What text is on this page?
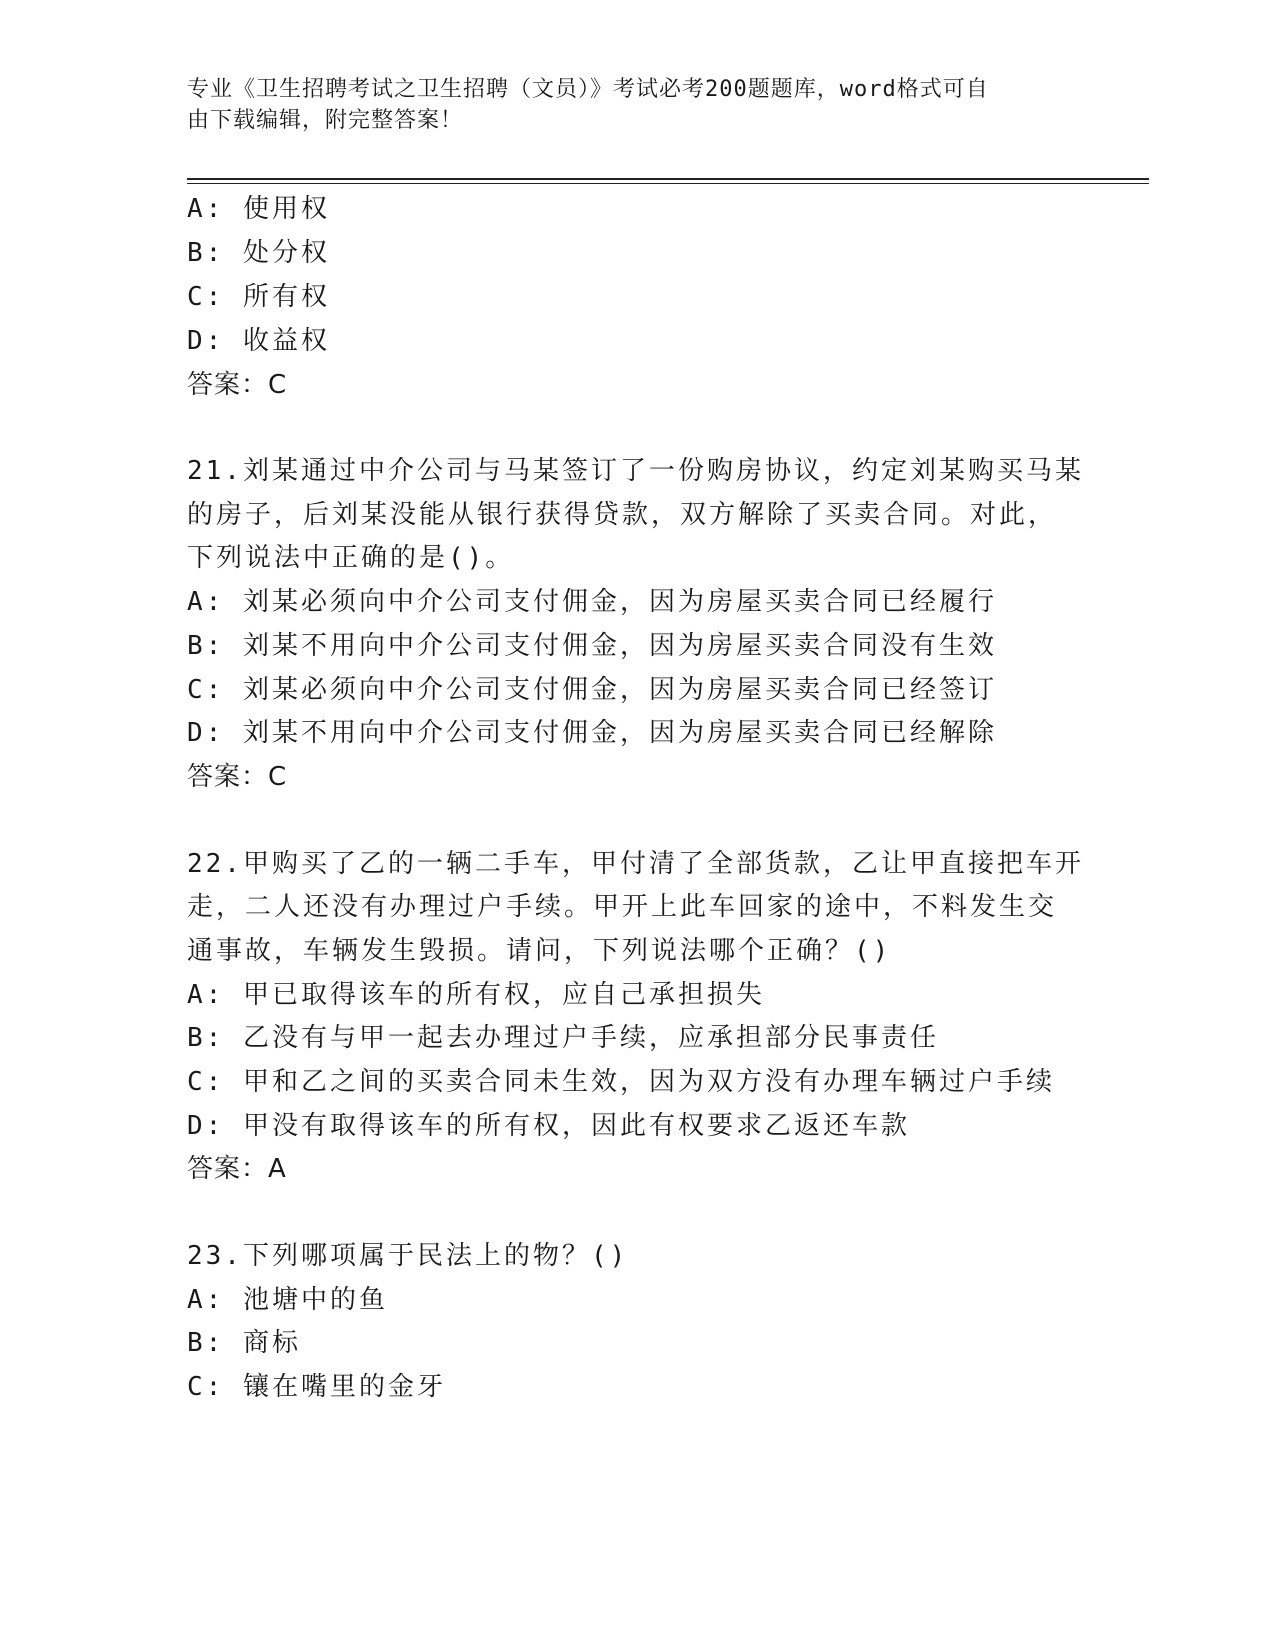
专业《卫生招聘考试之卫生招聘（文员）》考试必考200题题库，word格式可自
由下载编辑，附完整答案！
A: 使用权
B: 处分权
C: 所有权
D: 收益权
答案：C
21.刘某通过中介公司与马某签订了一份购房协议，约定刘某购买马某
的房子，后刘某没能从银行获得贷款，双方解除了买卖合同。对此，
下列说法中正确的是()。
A: 刘某必须向中介公司支付佣金，因为房屋买卖合同已经履行
B: 刘某不用向中介公司支付佣金，因为房屋买卖合同没有生效
C: 刘某必须向中介公司支付佣金，因为房屋买卖合同已经签订
D: 刘某不用向中介公司支付佣金，因为房屋买卖合同已经解除
答案：C
22.甲购买了乙的一辆二手车，甲付清了全部货款，乙让甲直接把车开
走，二人还没有办理过户手续。甲开上此车回家的途中，不料发生交
通事故，车辆发生毁损。请问，下列说法哪个正确？()
A: 甲已取得该车的所有权，应自己承担损失
B: 乙没有与甲一起去办理过户手续，应承担部分民事责任
C: 甲和乙之间的买卖合同未生效，因为双方没有办理车辆过户手续
D: 甲没有取得该车的所有权，因此有权要求乙返还车款
答案：A
23.下列哪项属于民法上的物？()
A: 池塘中的鱼
B: 商标
C: 镶在嘴里的金牙
